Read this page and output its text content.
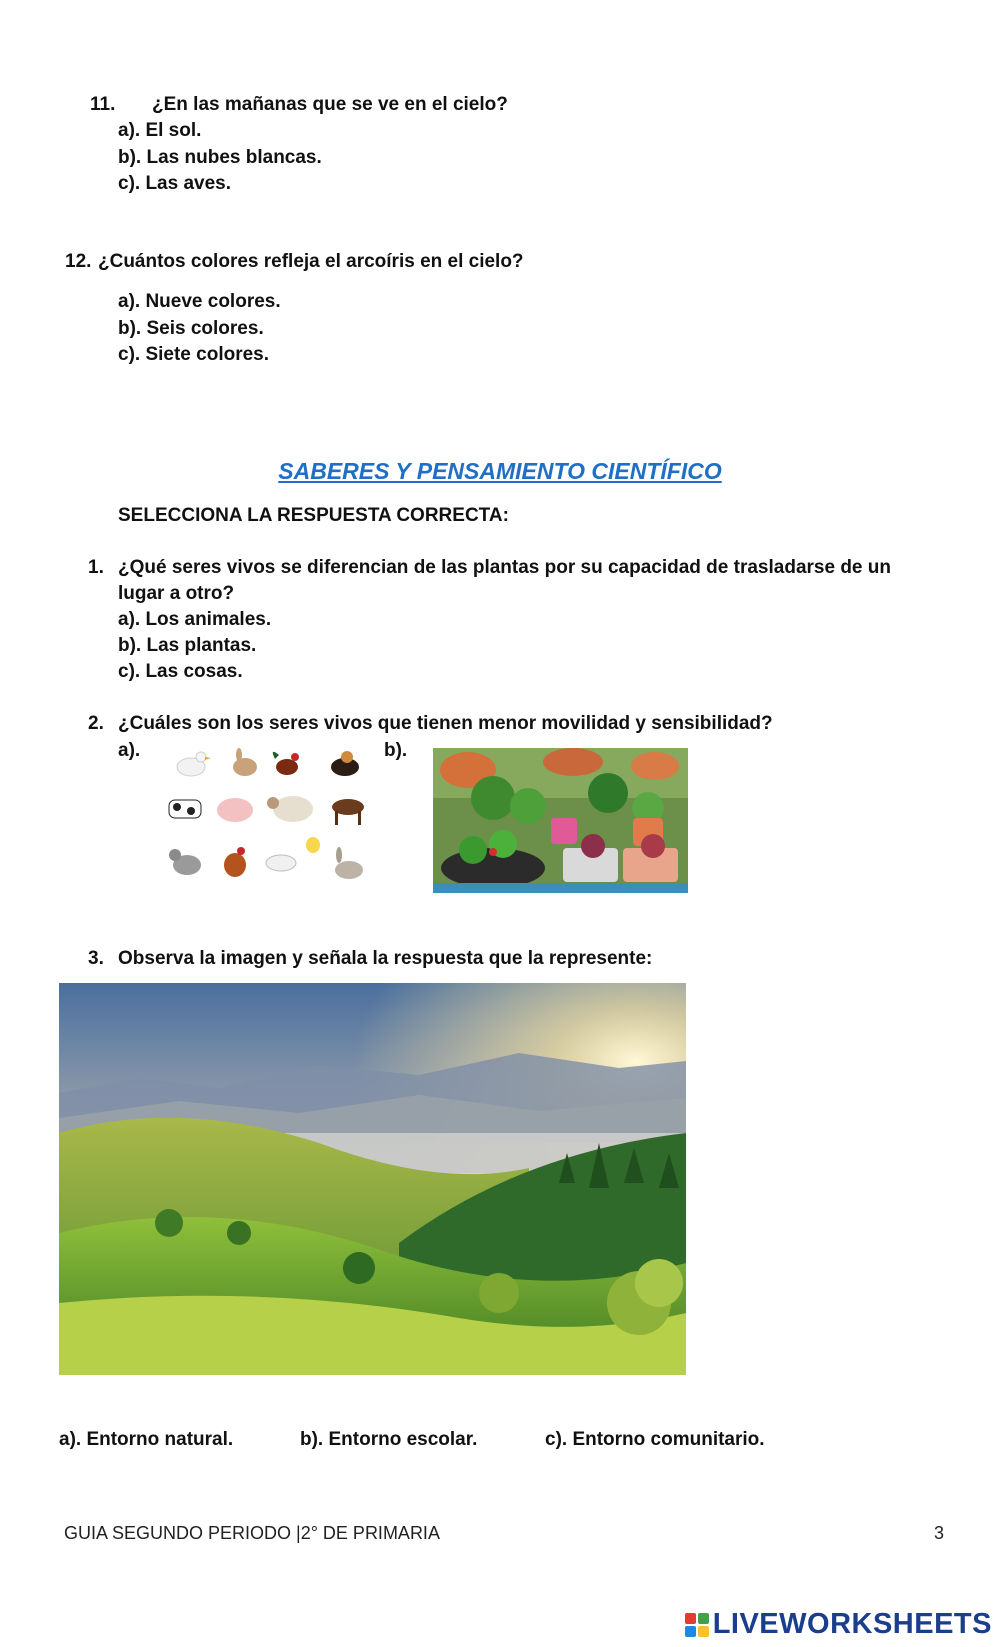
11. ¿En las mañanas que se ve en el cielo?
a). El sol.
b). Las nubes blancas.
c). Las aves.
12. ¿Cuántos colores refleja el arcoíris en el cielo?
a). Nueve colores.
b). Seis colores.
c). Siete colores.
SABERES Y PENSAMIENTO CIENTÍFICO
SELECCIONA LA RESPUESTA CORRECTA:
1. ¿Qué seres vivos se diferencian de las plantas por su capacidad de trasladarse de un
lugar a otro?
a). Los animales.
b). Las plantas.
c). Las cosas.
2. ¿Cuáles son los seres vivos que tienen menor movilidad y sensibilidad?
a).	b).
3. Observa la imagen y señala la respuesta que la represente:
a). Entorno natural.	b). Entorno escolar.	c). Entorno comunitario.
GUIA SEGUNDO PERIODO |2° DE PRIMARIA	3
LIVEWORKSHEETS
